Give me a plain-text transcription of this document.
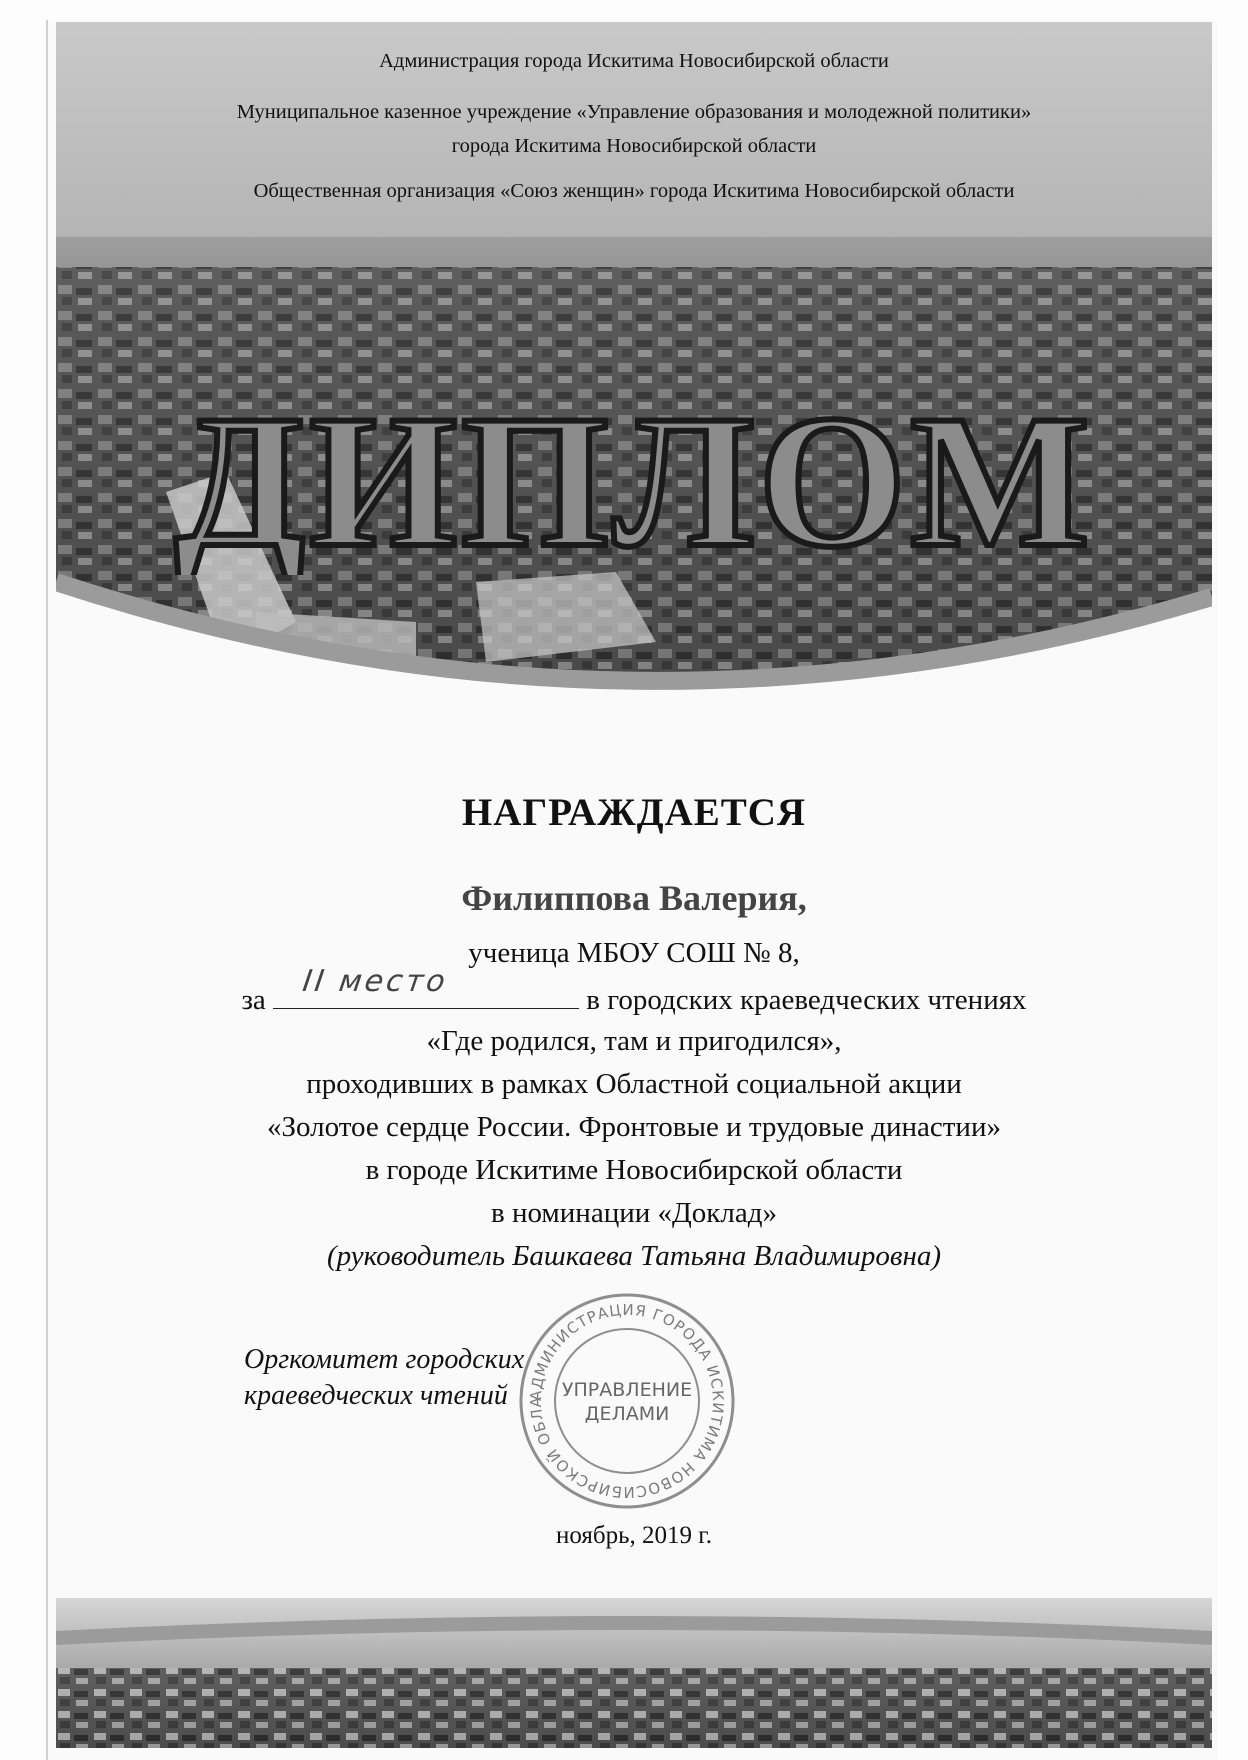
Администрация города Искитима Новосибирской области
Муниципальное казенное учреждение «Управление образования и молодежной политики»
города Искитима Новосибирской области
Общественная организация «Союз женщин» города Искитима Новосибирской области
ДИПЛОМ
НАГРАЖДАЕТСЯ
Филиппова Валерия,
ученица МБОУ СОШ № 8,
за
II место
в городских краеведческих чтениях
«Где родился, там и пригодился»,
проходивших в рамках Областной социальной акции
«Золотое сердце России. Фронтовые и трудовые династии»
в городе Искитиме Новосибирской области
в номинации «Доклад»
(руководитель Башкаева Татьяна Владимировна)
Оргкомитет городских
краеведческих чтений	АДМИНИСТРАЦИЯ ГОРОДА ИСКИТИМА НОВОСИБИРСКОЙ ОБЛА
УПРАВЛЕНИЕ
ДЕЛАМИ
ноябрь, 2019 г.
